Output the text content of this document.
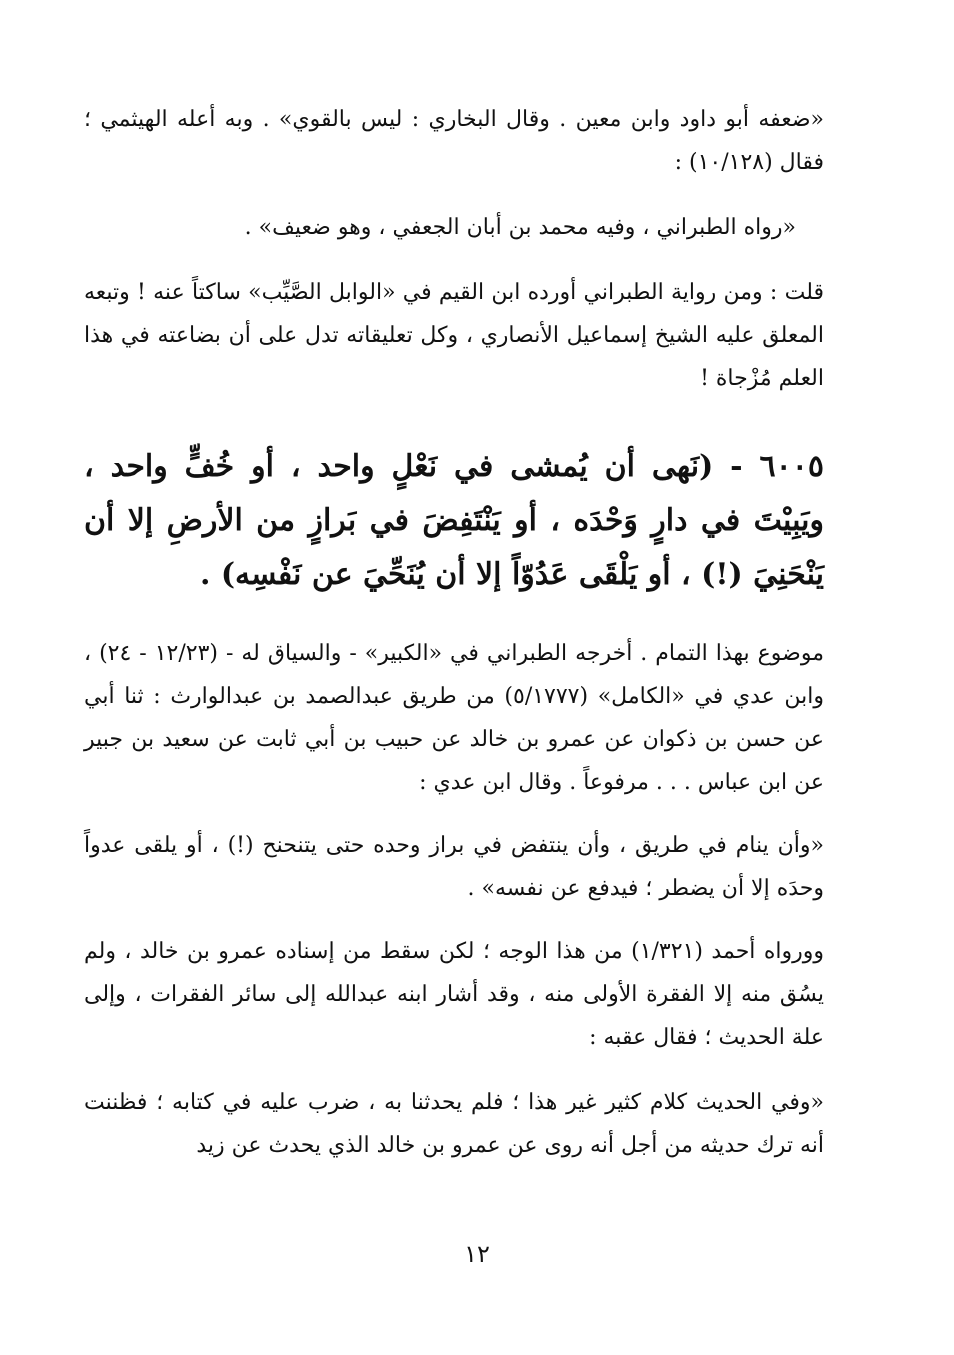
«ضعفه أبو داود وابن معين . وقال البخاري : ليس بالقوي» . وبه أعله الهيثمي ؛ فقال (١٠/١٢٨) :

«رواه الطبراني ، وفيه محمد بن أبان الجعفي ، وهو ضعيف» .

قلت : ومن رواية الطبراني أورده ابن القيم في «الوابل الصَّيِّب» ساكتاً عنه ! وتبعه المعلق عليه الشيخ إسماعيل الأنصاري ، وكل تعليقاته تدل على أن بضاعته في هذا العلم مُزْجاة !

٦٠٠٥ - (نَهى أن يُمشى في نَعْلٍ واحد ، أو خُفٍّ واحد ، ويَبِيْتَ في دارٍ وَحْدَه ، أو يَنْتَفِضَ في بَرازٍ من الأرضِ إلا أن يَنْحَنِيَ (!) ، أو يَلْقَى عَدُوّاً إلا أن يُنَحِّيَ عن نَفْسِه) .

موضوع بهذا التمام . أخرجه الطبراني في «الكبير» - والسياق له - (١٢/٢٣ - ٢٤) ، وابن عدي في «الكامل» (٥/١٧٧٧) من طريق عبدالصمد بن عبدالوارث : ثنا أبي عن حسن بن ذكوان عن عمرو بن خالد عن حبيب بن أبي ثابت عن سعيد بن جبير عن ابن عباس . . . مرفوعاً . وقال ابن عدي :

«وأن ينام في طريق ، وأن ينتفض في براز وحده حتى يتنحنح (!) ، أو يلقى عدواً وحدَه إلا أن يضطر ؛ فيدفع عن نفسه» .

وورواه أحمد (١/٣٢١) من هذا الوجه ؛ لكن سقط من إسناده عمرو بن خالد ، ولم يسُق منه إلا الفقرة الأولى منه ، وقد أشار ابنه عبدالله إلى سائر الفقرات ، وإلى علة الحديث ؛ فقال عقبه :

«وفي الحديث كلام كثير غير هذا ؛ فلم يحدثنا به ، ضرب عليه في كتابه ؛ فظننت أنه ترك حديثه من أجل أنه روى عن عمرو بن خالد الذي يحدث عن زيد

١٢
